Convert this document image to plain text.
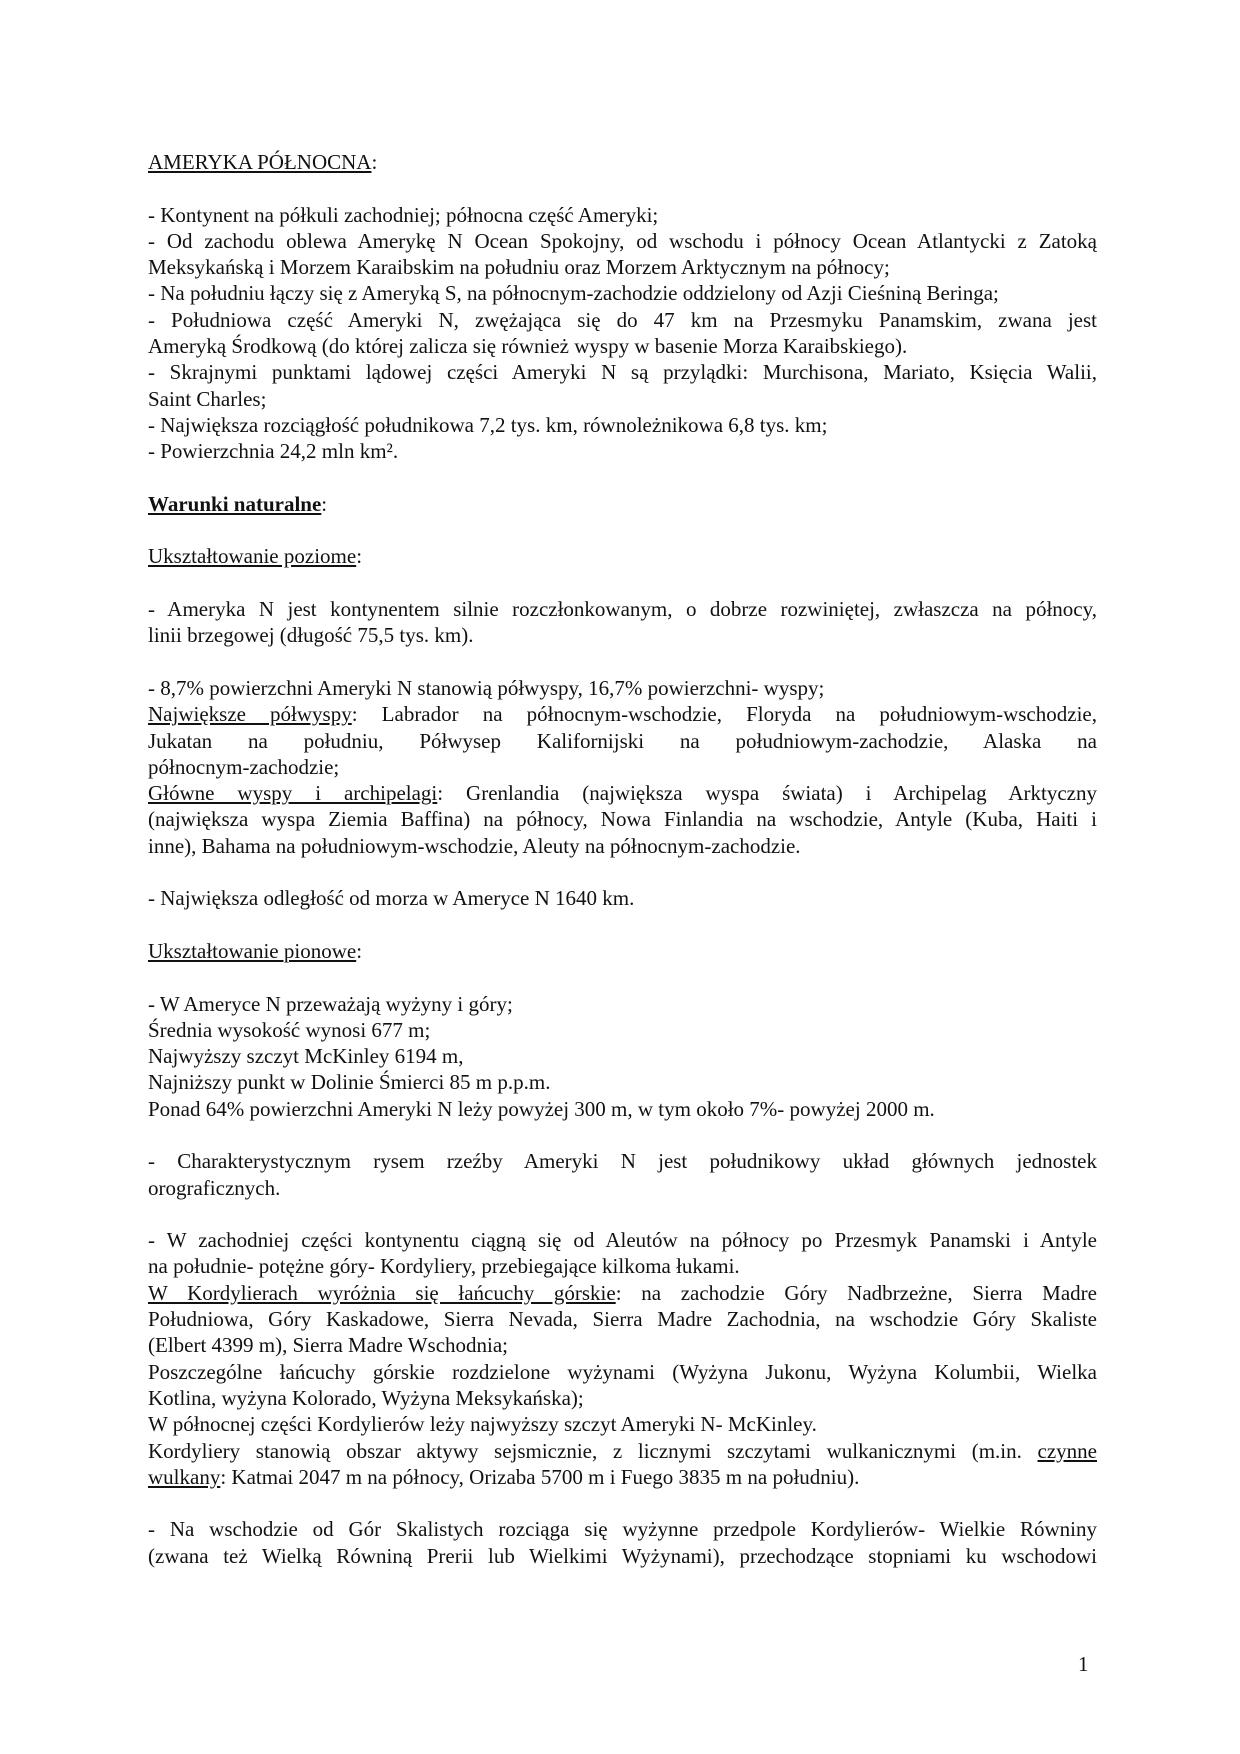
AMERYKA PÓŁNOCNA:
- Kontynent na półkuli zachodniej; północna część Ameryki;
- Od zachodu oblewa Amerykę N Ocean Spokojny, od wschodu i północy Ocean Atlantycki z Zatoką
Meksykańską i Morzem Karaibskim na południu oraz Morzem Arktycznym na północy;
- Na południu łączy się z Ameryką S, na północnym-zachodzie oddzielony od Azji Cieśniną Beringa;
- Południowa część Ameryki N, zwężająca się do 47 km na Przesmyku Panamskim, zwana jest
Ameryką Środkową (do której zalicza się również wyspy w basenie Morza Karaibskiego).
- Skrajnymi punktami lądowej części Ameryki N są przylądki: Murchisona, Mariato, Księcia Walii,
Saint Charles;
- Największa rozciągłość południkowa 7,2 tys. km, równoleżnikowa 6,8 tys. km;
- Powierzchnia 24,2 mln km².
Warunki naturalne:
Ukształtowanie poziome:
- Ameryka N jest kontynentem silnie rozczłonkowanym, o dobrze rozwiniętej, zwłaszcza na północy,
linii brzegowej (długość 75,5 tys. km).
- 8,7% powierzchni Ameryki N stanowią półwyspy, 16,7% powierzchni- wyspy;
Największe półwyspy: Labrador na północnym-wschodzie, Floryda na południowym-wschodzie,
Jukatan na południu, Półwysep Kalifornijski na południowym-zachodzie, Alaska na
północnym-zachodzie;
Główne wyspy i archipelagi: Grenlandia (największa wyspa świata) i Archipelag Arktyczny
(największa wyspa Ziemia Baffina) na północy, Nowa Finlandia na wschodzie, Antyle (Kuba, Haiti i
inne), Bahama na południowym-wschodzie, Aleuty na północnym-zachodzie.
- Największa odległość od morza w Ameryce N 1640 km.
Ukształtowanie pionowe:
- W Ameryce N przeważają wyżyny i góry;
Średnia wysokość wynosi 677 m;
Najwyższy szczyt McKinley 6194 m,
Najniższy punkt w Dolinie Śmierci 85 m p.p.m.
Ponad 64% powierzchni Ameryki N leży powyżej 300 m, w tym około 7%- powyżej 2000 m.
- Charakterystycznym rysem rzeźby Ameryki N jest południkowy układ głównych jednostek
orograficznych.
- W zachodniej części kontynentu ciągną się od Aleutów na północy po Przesmyk Panamski i Antyle
na południe- potężne góry- Kordyliery, przebiegające kilkoma łukami.
W Kordylierach wyróżnia się łańcuchy górskie: na zachodzie Góry Nadbrzeżne, Sierra Madre
Południowa, Góry Kaskadowe, Sierra Nevada, Sierra Madre Zachodnia, na wschodzie Góry Skaliste
(Elbert 4399 m), Sierra Madre Wschodnia;
Poszczególne łańcuchy górskie rozdzielone wyżynami (Wyżyna Jukonu, Wyżyna Kolumbii, Wielka
Kotlina, wyżyna Kolorado, Wyżyna Meksykańska);
W północnej części Kordylierów leży najwyższy szczyt Ameryki N- McKinley.
Kordyliery stanowią obszar aktywy sejsmicznie, z licznymi szczytami wulkanicznymi (m.in. czynne
wulkany: Katmai 2047 m na północy, Orizaba 5700 m i Fuego 3835 m na południu).
- Na wschodzie od Gór Skalistych rozciąga się wyżynne przedpole Kordylierów- Wielkie Równiny
(zwana też Wielką Równiną Prerii lub Wielkimi Wyżynami), przechodzące stopniami ku wschodowi
1
